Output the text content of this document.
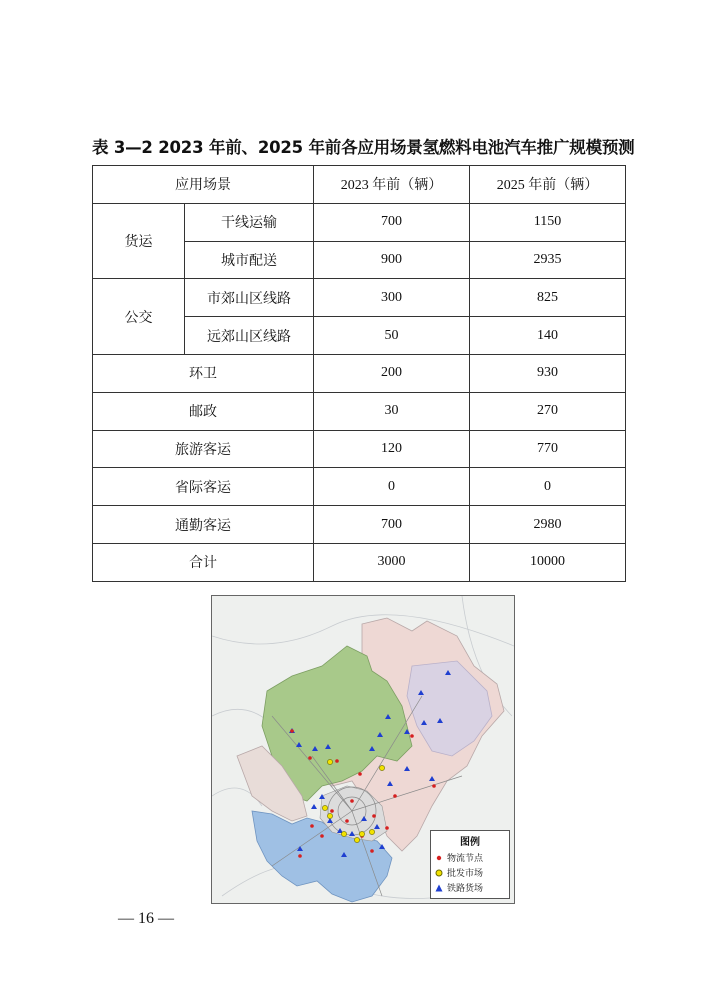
表 3—2 2023 年前、2025 年前各应用场景氢燃料电池汽车推广规模预测
应用场景		2023 年前（辆）	2025 年前（辆）
货运	干线运输	700	1150
	城市配送	900	2935
公交	市郊山区线路	300	825
	远郊山区线路	50	140
环卫		200	930
邮政		30	270
旅游客运		120	770
省际客运		0	0
通勤客运		700	2980
合计		3000	10000
图例
物流节点
批发市场
铁路货场
— 16 —
